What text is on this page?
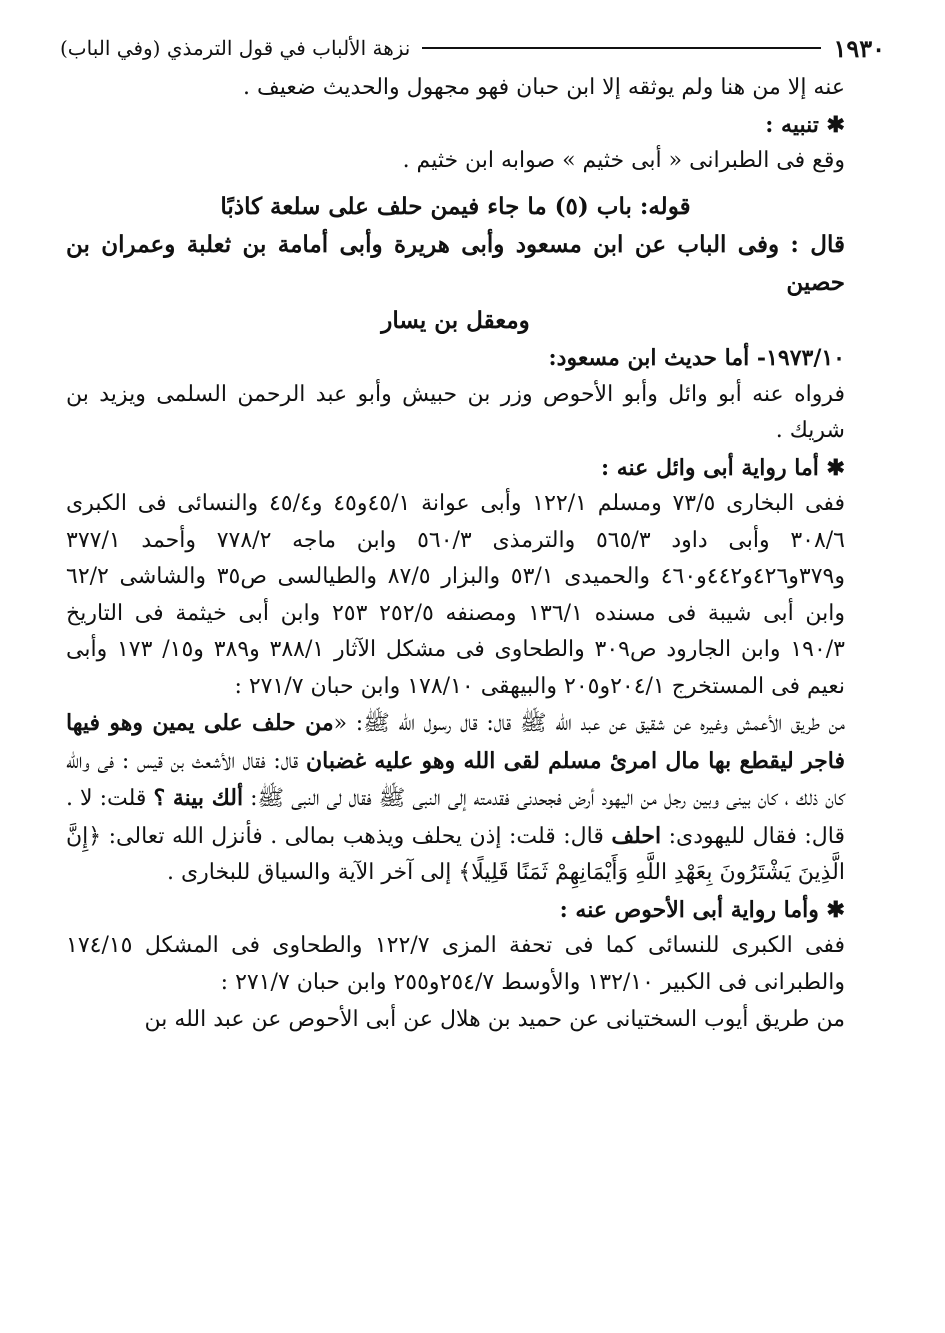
١٩٣٠
نزهة الألباب في قول الترمذي (وفي الباب)

عنه إلا من هنا ولم يوثقه إلا ابن حبان فهو مجهول والحديث ضعيف .

✱ تنبيه :

وقع فى الطبرانى « أبى خثيم » صوابه ابن خثيم .

قوله: باب (٥) ما جاء فيمن حلف على سلعة كاذبًا

قال : وفى الباب عن ابن مسعود وأبى هريرة وأبى أمامة بن ثعلبة وعمران بن حصين

ومعقل بن يسار

١٩٧٣/١٠- أما حديث ابن مسعود:

فرواه عنه أبو وائل وأبو الأحوص وزر بن حبيش وأبو عبد الرحمن السلمى ويزيد بن شريك .

✱ أما رواية أبى وائل عنه :

ففى البخارى ٧٣/٥ ومسلم ١٢٢/١ وأبى عوانة ٤٥/١و٤٥ و٤٥/٤ والنسائى فى الكبرى ٣٠٨/٦ وأبى داود ٥٦٥/٣ والترمذى ٥٦٠/٣ وابن ماجه ٧٧٨/٢ وأحمد ٣٧٧/١ و٣٧٩و٤٢٦و٤٤٢و٤٦٠ والحميدى ٥٣/١ والبزار ٨٧/٥ والطيالسى ص٣٥ والشاشى ٦٢/٢ وابن أبى شيبة فى مسنده ١٣٦/١ ومصنفه ٢٥٢/٥ ٢٥٣ وابن أبى خيثمة فى التاريخ ١٩٠/٣ وابن الجارود ص٣٠٩ والطحاوى فى مشكل الآثار ٣٨٨/١ و٣٨٩ و١٥/ ١٧٣ وأبى نعيم فى المستخرج ٢٠٤/١و٢٠٥ والبيهقى ١٧٨/١٠ وابن حبان ٢٧١/٧ :

من طريق الأعمش وغيره عن شقيق عن عبد الله ﷺ قال: قال رسول الله ﷺ: «من حلف على يمين وهو فيها فاجر ليقطع بها مال امرئ مسلم لقى الله وهو عليه غضبان قال: فقال الأشعث بن قيس : فى والله كان ذلك ، كان بينى وبين رجل من اليهود أرض فجحدنى فقدمته إلى النبى ﷺ فقال لى النبى ﷺ: ألك بينة ؟ قلت: لا . قال: فقال لليهودى: احلف قال: قلت: إذن يحلف ويذهب بمالى . فأنزل الله تعالى: ﴿إِنَّ الَّذِينَ يَشْتَرُونَ بِعَهْدِ اللَّهِ وَأَيْمَانِهِمْ ثَمَنًا قَلِيلًا﴾ إلى آخر الآية والسياق للبخارى .

✱ وأما رواية أبى الأحوص عنه :

ففى الكبرى للنسائى كما فى تحفة المزى ١٢٢/٧ والطحاوى فى المشكل ١٧٤/١٥ والطبرانى فى الكبير ١٣٢/١٠ والأوسط ٢٥٤/٧و٢٥٥ وابن حبان ٢٧١/٧ :

من طريق أيوب السختيانى عن حميد بن هلال عن أبى الأحوص عن عبد الله بن
